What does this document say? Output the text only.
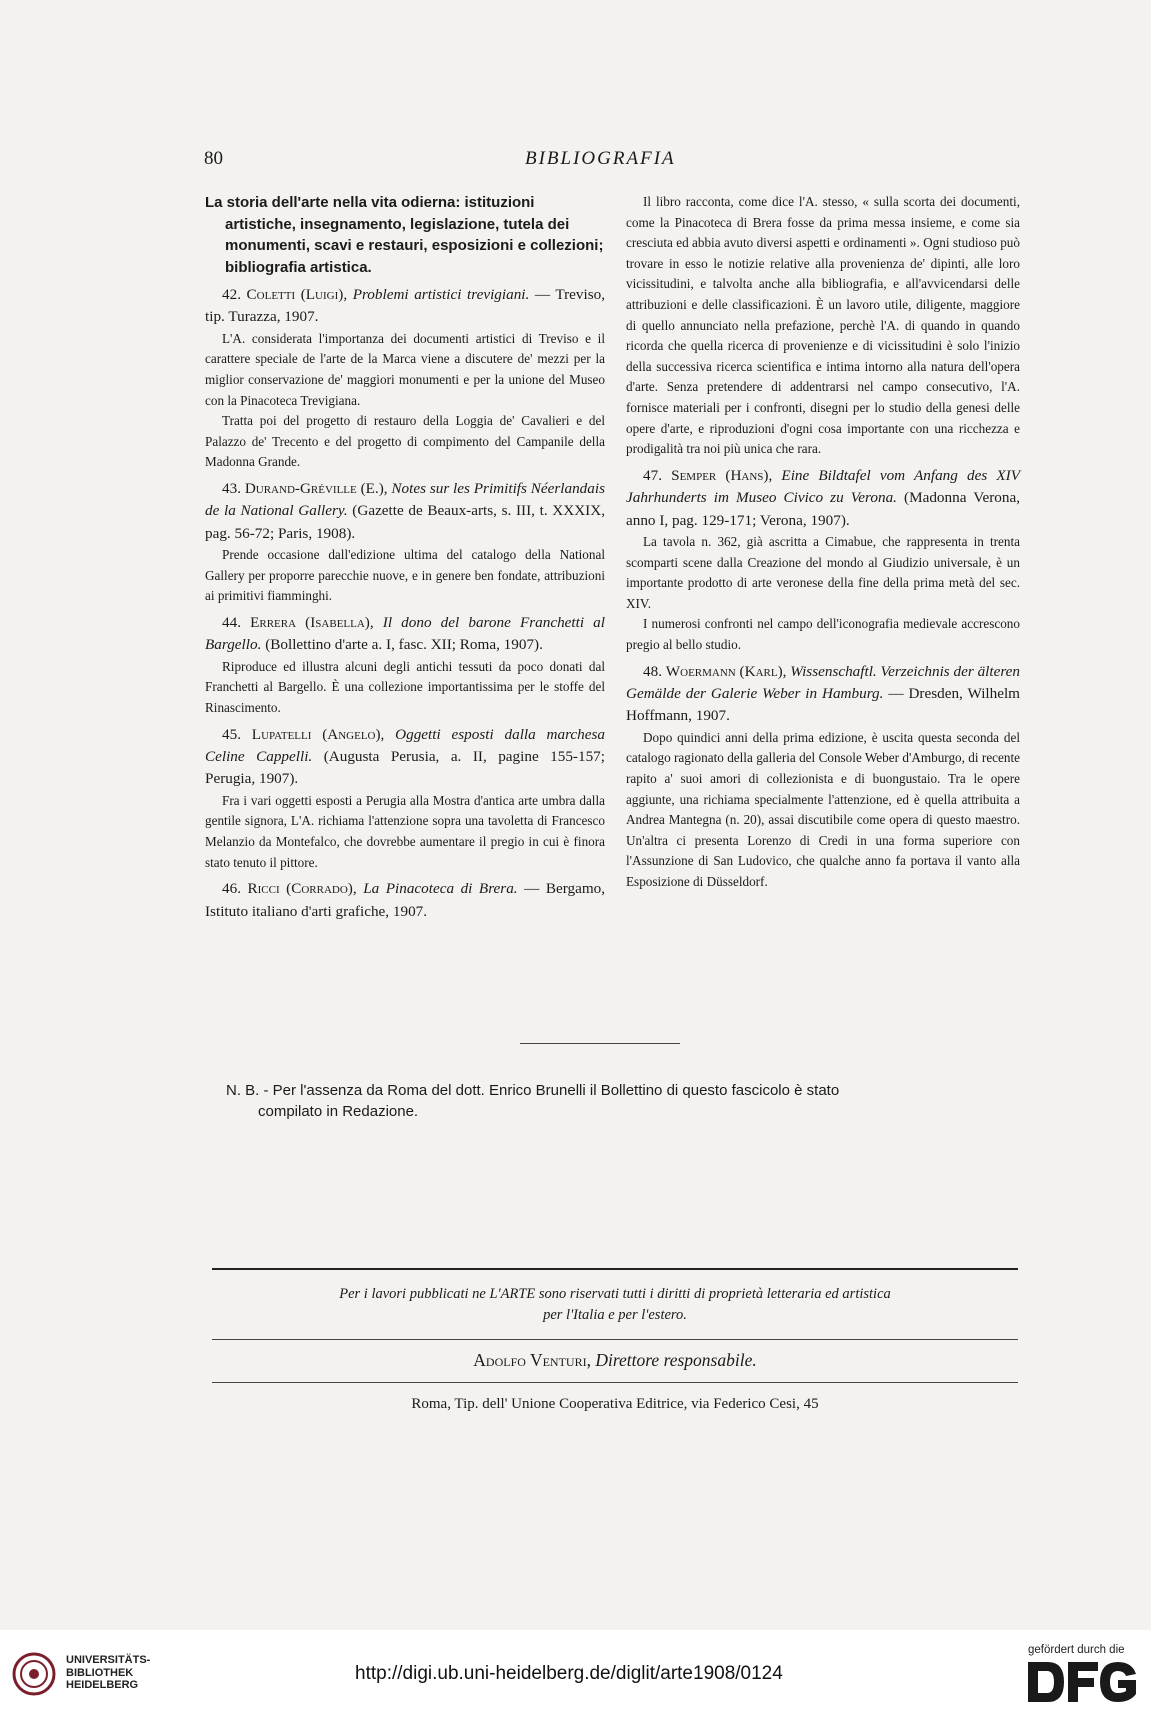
80	BIBLIOGRAFIA

La storia dell'arte nella vita odierna: istituzioni artistiche, insegnamento, legislazione, tutela dei monumenti, scavi e restauri, esposizioni e collezioni; bibliografia artistica.

42. Coletti (Luigi), Problemi artistici trevigiani. — Treviso, tip. Turazza, 1907.

L'A. considerata l'importanza dei documenti artistici di Treviso e il carattere speciale de l'arte de la Marca viene a discutere de' mezzi per la miglior conservazione de' maggiori monumenti e per la unione del Museo con la Pinacoteca Trevigiana.

Tratta poi del progetto di restauro della Loggia de' Cavalieri e del Palazzo de' Trecento e del progetto di compimento del Campanile della Madonna Grande.

43. Durand-Gréville (E.), Notes sur les Primitifs Néerlandais de la National Gallery. (Gazette de Beaux-arts, s. III, t. XXXIX, pag. 56-72; Paris, 1908).

Prende occasione dall'edizione ultima del catalogo della National Gallery per proporre parecchie nuove, e in genere ben fondate, attribuzioni ai primitivi fiamminghi.

44. Errera (Isabella), Il dono del barone Franchetti al Bargello. (Bollettino d'arte a. I, fasc. XII; Roma, 1907).

Riproduce ed illustra alcuni degli antichi tessuti da poco donati dal Franchetti al Bargello. È una collezione importantissima per le stoffe del Rinascimento.

45. Lupatelli (Angelo), Oggetti esposti dalla marchesa Celine Cappelli. (Augusta Perusia, a. II, pagine 155-157; Perugia, 1907).

Fra i vari oggetti esposti a Perugia alla Mostra d'antica arte umbra dalla gentile signora, L'A. richiama l'attenzione sopra una tavoletta di Francesco Melanzio da Montefalco, che dovrebbe aumentare il pregio in cui è finora stato tenuto il pittore.

46. Ricci (Corrado), La Pinacoteca di Brera. — Bergamo, Istituto italiano d'arti grafiche, 1907.

Il libro racconta, come dice l'A. stesso, « sulla scorta dei documenti, come la Pinacoteca di Brera fosse da prima messa insieme, e come sia cresciuta ed abbia avuto diversi aspetti e ordinamenti ». Ogni studioso può trovare in esso le notizie relative alla provenienza de' dipinti, alle loro vicissitudini, e talvolta anche alla bibliografia, e all'avvicendarsi delle attribuzioni e delle classificazioni. È un lavoro utile, diligente, maggiore di quello annunciato nella prefazione, perchè l'A. di quando in quando ricorda che quella ricerca di provenienze e di vicissitudini è solo l'inizio della successiva ricerca scientifica e intima intorno alla natura dell'opera d'arte. Senza pretendere di addentrarsi nel campo consecutivo, l'A. fornisce materiali per i confronti, disegni per lo studio della genesi delle opere d'arte, e riproduzioni d'ogni cosa importante con una ricchezza e prodigalità tra noi più unica che rara.

47. Semper (Hans), Eine Bildtafel vom Anfang des XIV Jahrhunderts im Museo Civico zu Verona. (Madonna Verona, anno I, pag. 129-171; Verona, 1907).

La tavola n. 362, già ascritta a Cimabue, che rappresenta in trenta scomparti scene dalla Creazione del mondo al Giudizio universale, è un importante prodotto di arte veronese della fine della prima metà del sec. XIV.

I numerosi confronti nel campo dell'iconografia medievale accrescono pregio al bello studio.

48. Woermann (Karl), Wissenschaftl. Verzeichnis der älteren Gemälde der Galerie Weber in Hamburg. — Dresden, Wilhelm Hoffmann, 1907.

Dopo quindici anni della prima edizione, è uscita questa seconda del catalogo ragionato della galleria del Console Weber d'Amburgo, di recente rapito a' suoi amori di collezionista e di buongustaio. Tra le opere aggiunte, una richiama specialmente l'attenzione, ed è quella attribuita a Andrea Mantegna (n. 20), assai discutibile come opera di questo maestro. Un'altra ci presenta Lorenzo di Credi in una forma superiore con l'Assunzione di San Ludovico, che qualche anno fa portava il vanto alla Esposizione di Düsseldorf.

N. B. - Per l'assenza da Roma del dott. Enrico Brunelli il Bollettino di questo fascicolo è stato
compilato in Redazione.
Per i lavori pubblicati ne L'ARTE sono riservati tutti i diritti di proprietà letteraria ed artistica
per l'Italia e per l'estero.
Adolfo Venturi, Direttore responsabile.
Roma, Tip. dell' Unione Cooperativa Editrice, via Federico Cesi, 45
UNIVERSITÄTS-
BIBLIOTHEK
HEIDELBERG
http://digi.ub.uni-heidelberg.de/diglit/arte1908/0124
gefördert durch die
